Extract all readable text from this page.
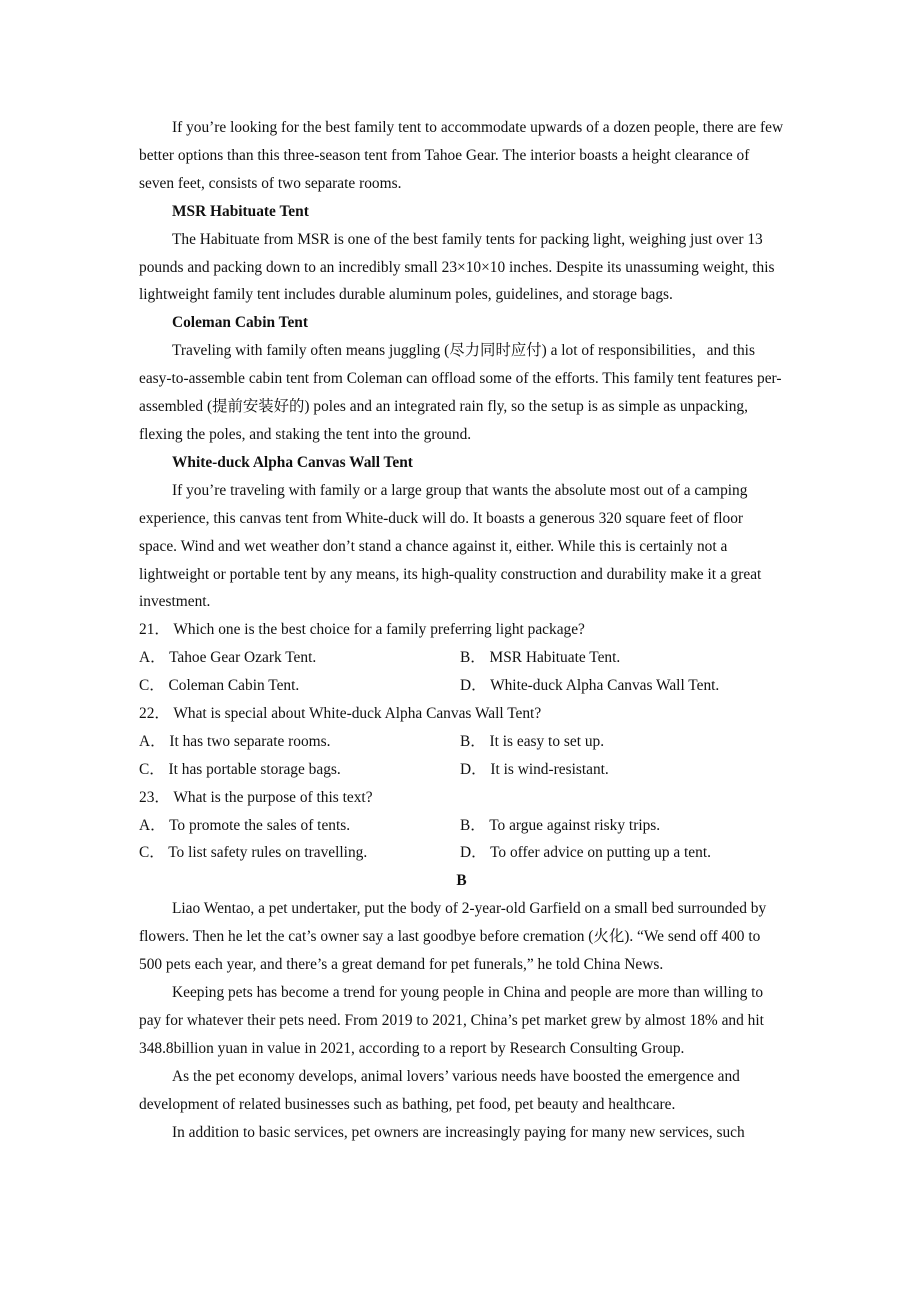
If you’re looking for the best family tent to accommodate upwards of a dozen people, there are few better options than this three-season tent from Tahoe Gear. The interior boasts a height clearance of seven feet, consists of two separate rooms.

MSR Habituate Tent

The Habituate from MSR is one of the best family tents for packing light, weighing just over 13 pounds and packing down to an incredibly small 23×10×10 inches. Despite its unassuming weight, this lightweight family tent includes durable aluminum poles, guidelines, and storage bags.

Coleman Cabin Tent

Traveling with family often means juggling (尽力同时应付) a lot of responsibilities，and this easy-to-assemble cabin tent from Coleman can offload some of the efforts. This family tent features per-assembled (提前安装好的) poles and an integrated rain fly, so the setup is as simple as unpacking, flexing the poles, and staking the tent into the ground.

White-duck Alpha Canvas Wall Tent

If you’re traveling with family or a large group that wants the absolute most out of a camping experience, this canvas tent from White-duck will do. It boasts a generous 320 square feet of floor space. Wind and wet weather don’t stand a chance against it, either. While this is certainly not a lightweight or portable tent by any means, its high-quality construction and durability make it a great investment.

21． Which one is the best choice for a family preferring light package?

A． Tahoe Gear Ozark Tent.	B． MSR Habituate Tent.
C． Coleman Cabin Tent.	D． White-duck Alpha Canvas Wall Tent.

22． What is special about White-duck Alpha Canvas Wall Tent?

A． It has two separate rooms.	B． It is easy to set up.
C． It has portable storage bags.	D． It is wind-resistant.

23． What is the purpose of this text?

A． To promote the sales of tents.	B． To argue against risky trips.
C． To list safety rules on travelling.	D． To offer advice on putting up a tent.

B

Liao Wentao, a pet undertaker, put the body of 2-year-old Garfield on a small bed surrounded by flowers. Then he let the cat’s owner say a last goodbye before cremation (火化). “We send off 400 to 500 pets each year, and there’s a great demand for pet funerals,” he told China News.

Keeping pets has become a trend for young people in China and people are more than willing to pay for whatever their pets need. From 2019 to 2021, China’s pet market grew by almost 18% and hit 348.8billion yuan in value in 2021, according to a report by Research Consulting Group.

As the pet economy develops, animal lovers’ various needs have boosted the emergence and development of related businesses such as bathing, pet food, pet beauty and healthcare.

In addition to basic services, pet owners are increasingly paying for many new services, such
